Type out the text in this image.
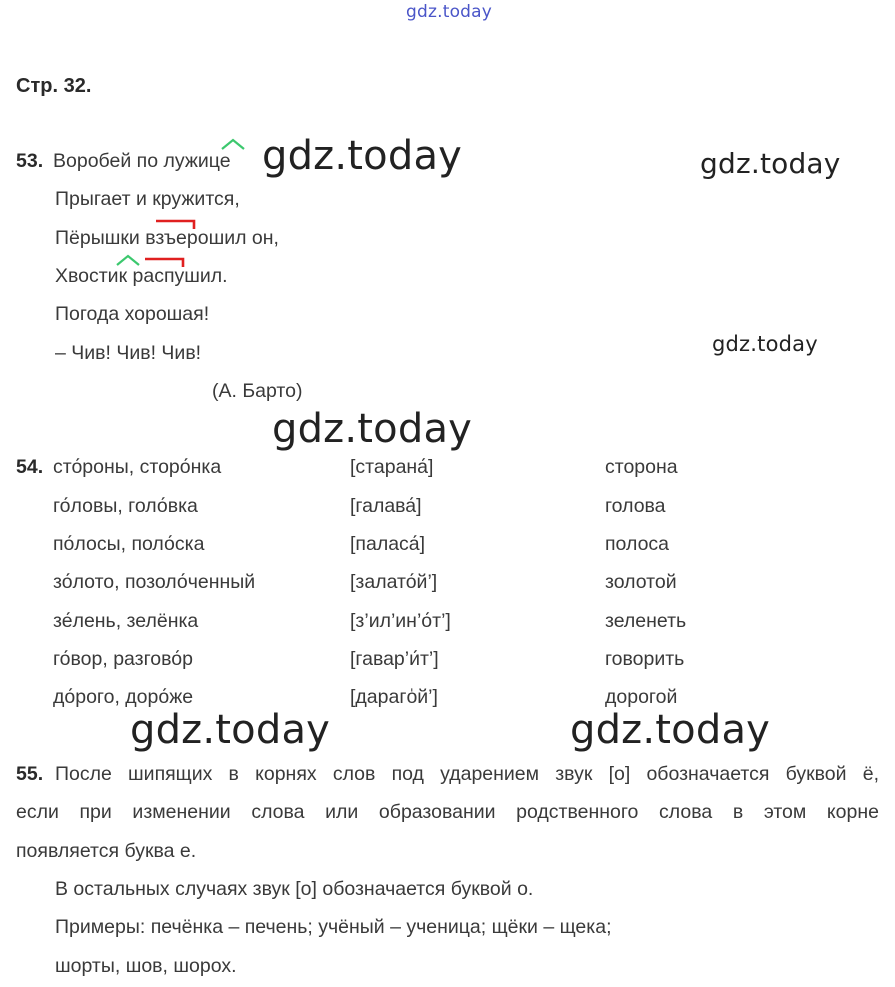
gdz.today
Стр. 32.
53. Воробей по лужице
Прыгает и кружится,
Пёрышки взъерошил он,
Хвостик распушил.
Погода хорошая!
– Чив! Чив! Чив!
(А. Барто)
gdz.today	gdz.today
gdz.today
gdz.today
54. сто́роны, сторо́нка	[старана́]	сторона
го́ловы, голо́вка	[галава́]	голова
по́лосы, поло́ска	[паласа́]	полоса
зо́лото, позоло́ченный	[залато́й’]	золотой
зе́лень, зелёнка	[з’ил’ин’о́т’]	зеленеть
го́вор, разгово́р	[гавар’и́т’]	говорить
до́рого, доро́же	[дарагo̍й’]	дорогой
gdz.today	gdz.today
55. После шипящих в корнях слов под ударением звук [о] обозначается буквой ё,
если при изменении слова или образовании родственного слова в этом корне
появляется буква е.
В остальных случаях звук [о] обозначается буквой о.
Примеры: печёнка – печень; учёный – ученица; щёки – щека;
шорты, шов, шорох.
